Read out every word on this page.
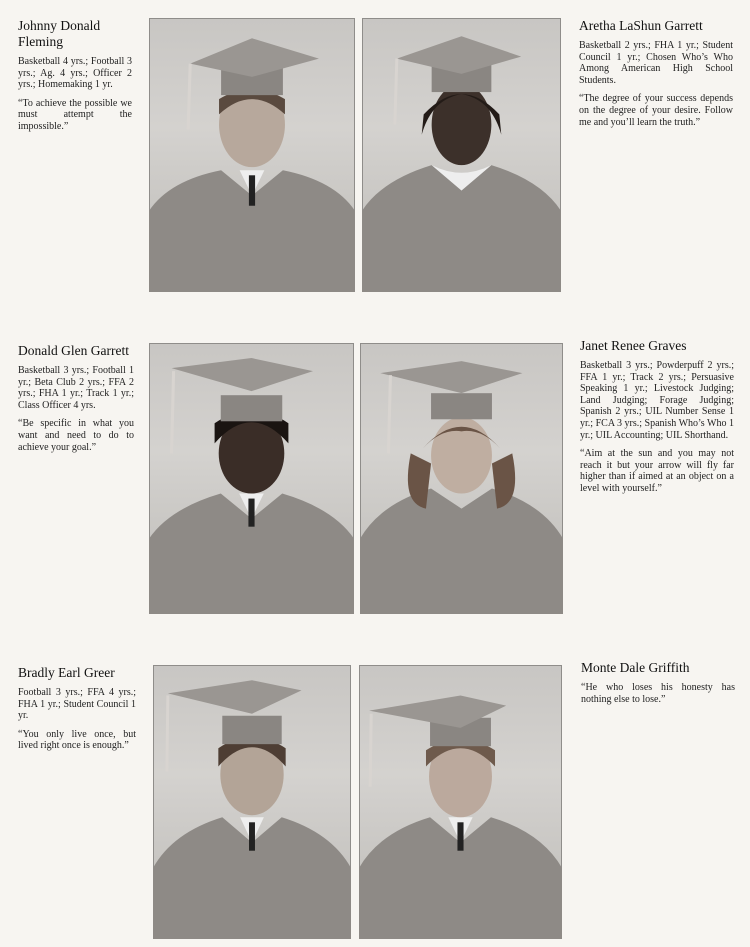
Johnny Donald Fleming

Basketball 4 yrs.; Football 3 yrs.; Ag. 4 yrs.; Officer 2 yrs.; Homemaking 1 yr.

“To achieve the possible we must attempt the impossible.”

Aretha LaShun Garrett

Basketball 2 yrs.; FHA 1 yr.; Student Council 1 yr.; Chosen Who’s Who Among American High School Students.

“The degree of your success depends on the degree of your desire. Follow me and you’ll learn the truth.”

Donald Glen Garrett

Basketball 3 yrs.; Football 1 yr.; Beta Club 2 yrs.; FFA 2 yrs.; FHA 1 yr.; Track 1 yr.; Class Officer 4 yrs.

“Be specific in what you want and need to do to achieve your goal.”

Janet Renee Graves

Basketball 3 yrs.; Powderpuff 2 yrs.; FFA 1 yr.; Track 2 yrs.; Persuasive Speaking 1 yr.; Livestock Judging; Land Judging; Forage Judging; Spanish 2 yrs.; UIL Number Sense 1 yr.; FCA 3 yrs.; Spanish Who’s Who 1 yr.; UIL Accounting; UIL Shorthand.

“Aim at the sun and you may not reach it but your arrow will fly far higher than if aimed at an object on a level with yourself.”

Bradly Earl Greer

Football 3 yrs.; FFA 4 yrs.; FHA 1 yr.; Student Council 1 yr.

“You only live once, but lived right once is enough.”

Monte Dale Griffith

“He who loses his honesty has nothing else to lose.”
